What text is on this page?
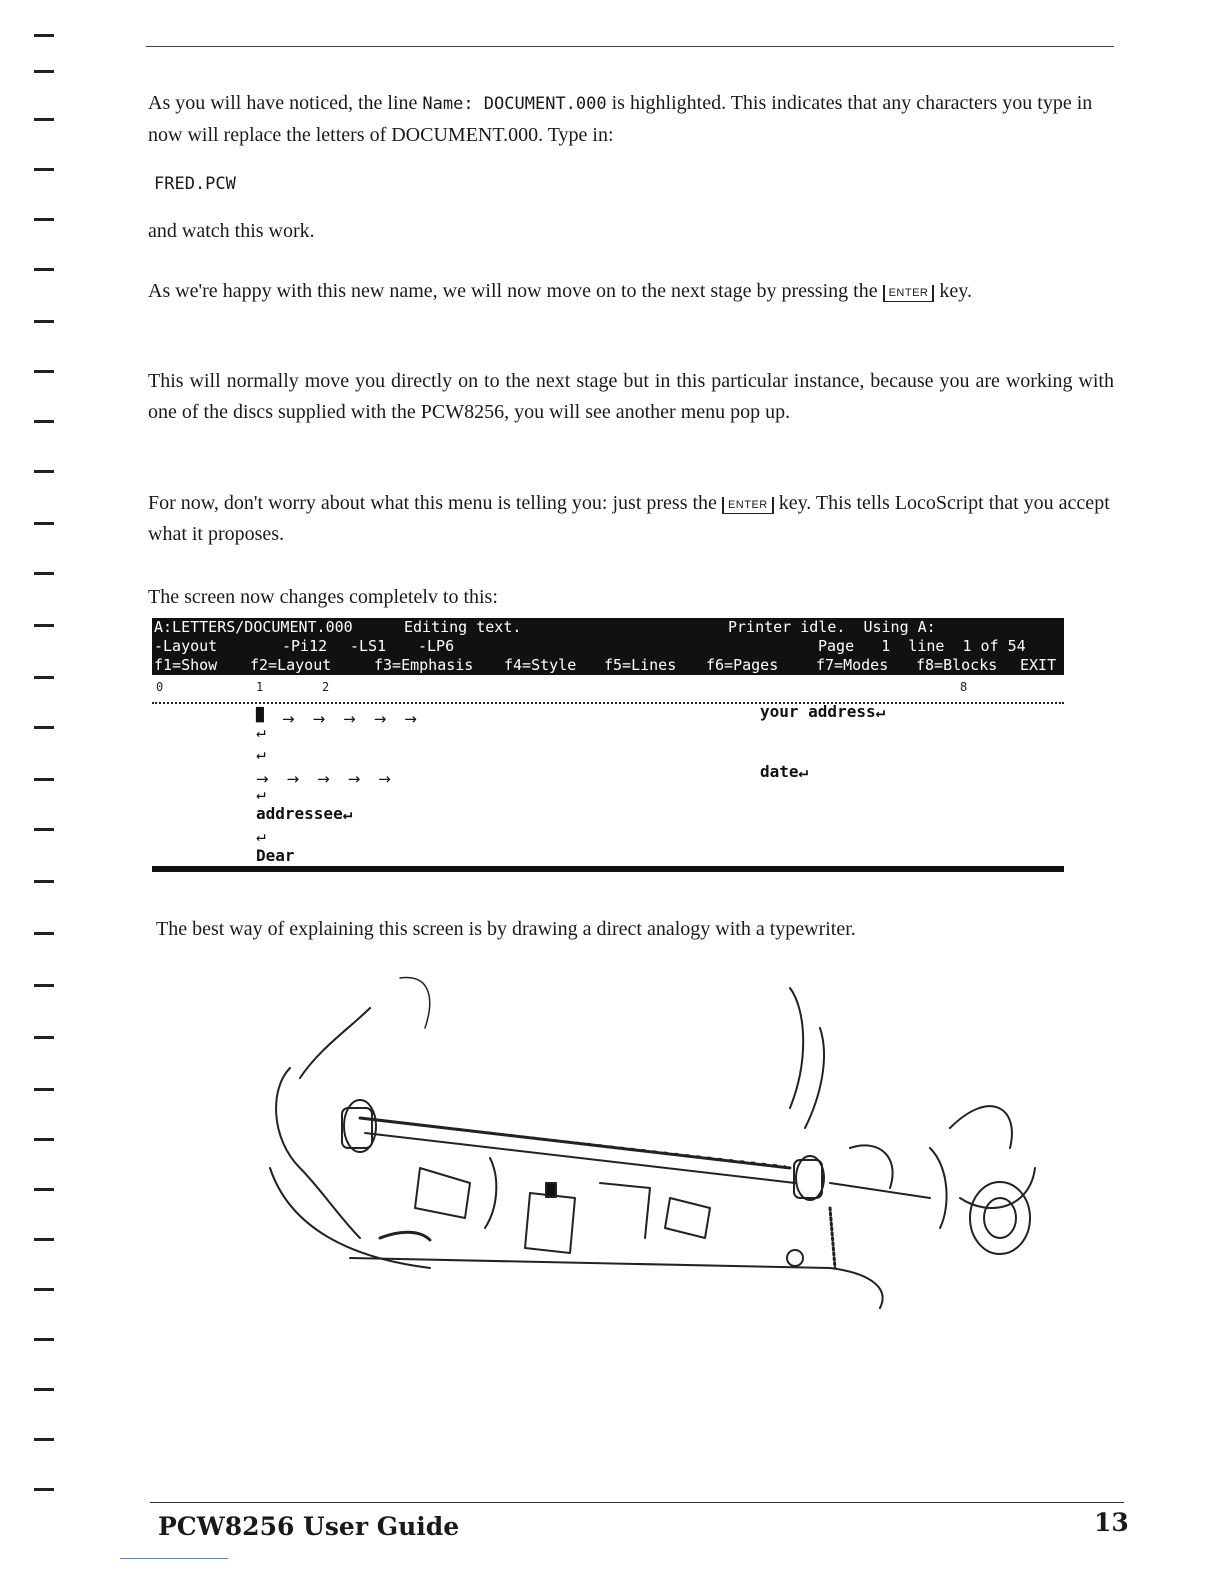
As you will have noticed, the line Name: DOCUMENT.000 is highlighted. This indicates that any characters you type in now will replace the letters of DOCUMENT.000. Type in:

FRED.PCW

and watch this work.

As we're happy with this new name, we will now move on to the next stage by pressing the ENTER key.

This will normally move you directly on to the next stage but in this particular instance, because you are working with one of the discs supplied with the PCW8256, you will see another menu pop up.

For now, don't worry about what this menu is telling you: just press the ENTER key. This tells LocoScript that you accept what it proposes.

The screen now changes completelv to this:

A:LETTERS/DOCUMENT.000

	Editing text.

	Printer idle.  Using A:

-Layout

	-Pi12

-LS1

-LP6

	Page   1  line  1 of 54

f1=Show

f2=Layout

	f3=Emphasis

f4=Style

f5=Lines

f6=Pages

	f7=Modes

f8=Blocks

EXIT

0	1	2	8
█ →→→→→	your address↵
↵
↵
→→→→→	date↵
↵
addressee↵
↵
Dear

The best way of explaining this screen is by drawing a direct analogy with a typewriter.

PCW8256 User Guide	13
